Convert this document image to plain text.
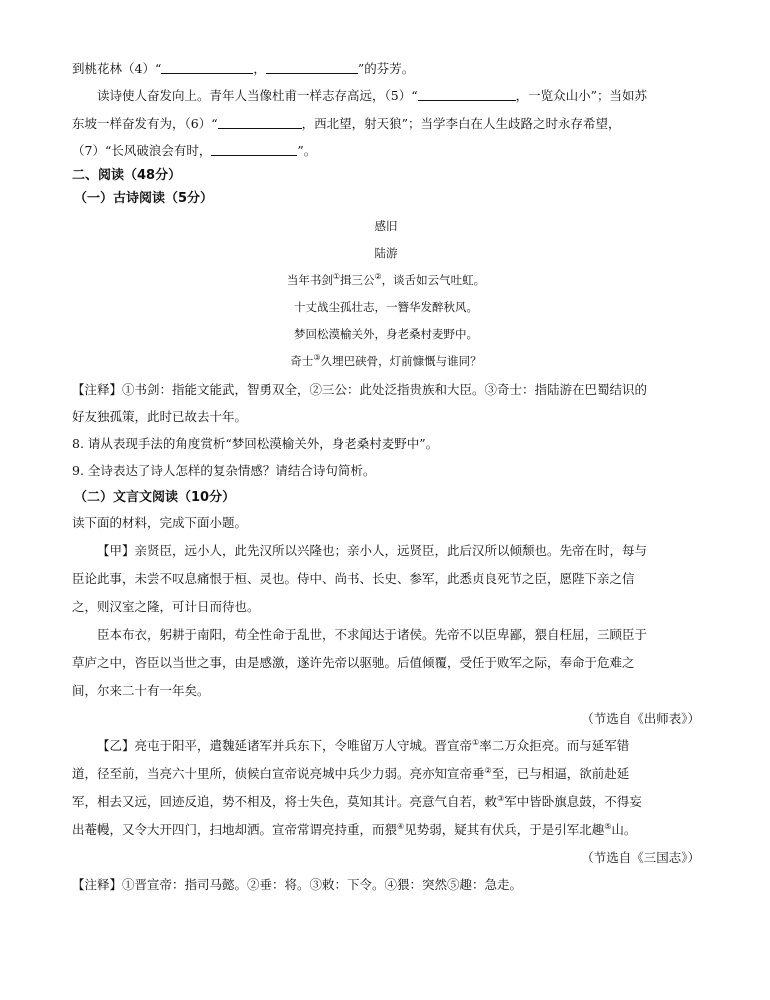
到桃花林（4）“	，	”的芬芳。
读诗使人奋发向上。青年人当像杜甫一样志存高远，（5）“	，一览众山小”；当如苏
东坡一样奋发有为，（6）“	，西北望，射天狼”；当学李白在人生歧路之时永存希望，
（7）“长风破浪会有时，	”。
二、阅读（48分）
（一）古诗阅读（5分）
感旧
陆游
当年书剑①揖三公②，谈舌如云气吐虹。
十丈战尘孤壮志，一簪华发醉秋风。
梦回松漠榆关外，身老桑村麦野中。
奇士③久埋巴硖骨，灯前慷慨与谁同？
【注释】①书剑：指能文能武，智勇双全，②三公：此处泛指贵族和大臣。③奇士：指陆游在巴蜀结识的
好友独孤策，此时已故去十年。
8. 请从表现手法的角度赏析“梦回松漠榆关外，身老桑村麦野中”。
9. 全诗表达了诗人怎样的复杂情感？请结合诗句简析。
（二）文言文阅读（10分）
读下面的材料，完成下面小题。
【甲】亲贤臣，远小人，此先汉所以兴隆也；亲小人，远贤臣，此后汉所以倾颓也。先帝在时，每与
臣论此事，未尝不叹息痛恨于桓、灵也。侍中、尚书、长史、参军，此悉贞良死节之臣，愿陛下亲之信
之，则汉室之隆，可计日而待也。
臣本布衣，躬耕于南阳，苟全性命于乱世，不求闻达于诸侯。先帝不以臣卑鄙，猥自枉屈，三顾臣于
草庐之中，咨臣以当世之事，由是感激，遂许先帝以驱驰。后值倾覆，受任于败军之际，奉命于危难之
间，尔来二十有一年矣。
（节选自《出师表》）
【乙】亮屯于阳平，遣魏延诸军并兵东下，令唯留万人守城。晋宣帝①率二万众拒亮。而与延军错
道，径至前，当亮六十里所，侦候白宣帝说亮城中兵少力弱。亮亦知宣帝垂②至，已与相逼，欲前赴延
军，相去又远，回迹反追，势不相及，将士失色，莫知其计。亮意气自若，敕③军中皆卧旗息鼓，不得妄
出菴幔，又令大开四门，扫地却洒。宣帝常谓亮持重，而猥④见势弱，疑其有伏兵，于是引军北趣⑤山。
（节选自《三国志》）
【注释】①晋宣帝：指司马懿。②垂：将。③敕：下令。④猥：突然⑤趣：急走。
